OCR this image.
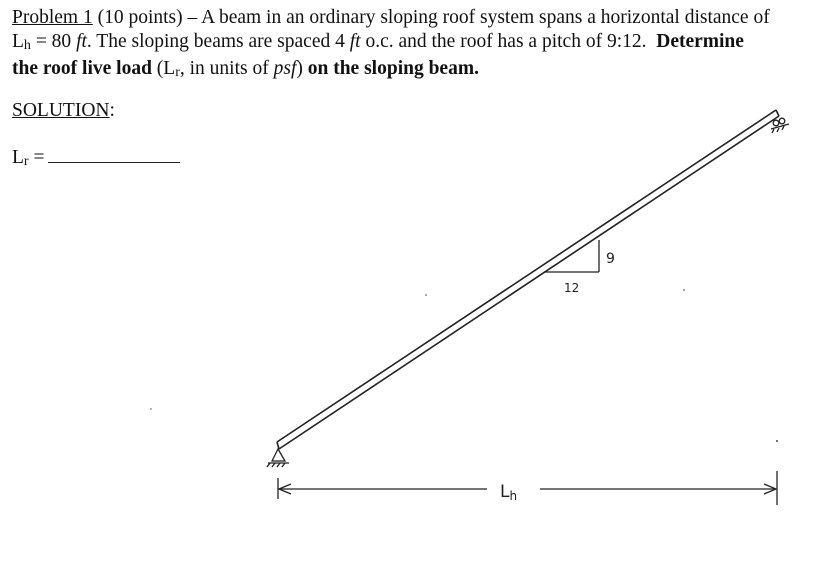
Problem 1 (10 points) – A beam in an ordinary sloping roof system spans a horizontal distance of
Lh = 80 ft. The sloping beams are spaced 4 ft o.c. and the roof has a pitch of 9:12. Determine
the roof live load (Lr, in units of psf) on the sloping beam.
SOLUTION:
Lr =
9
12
Lh
